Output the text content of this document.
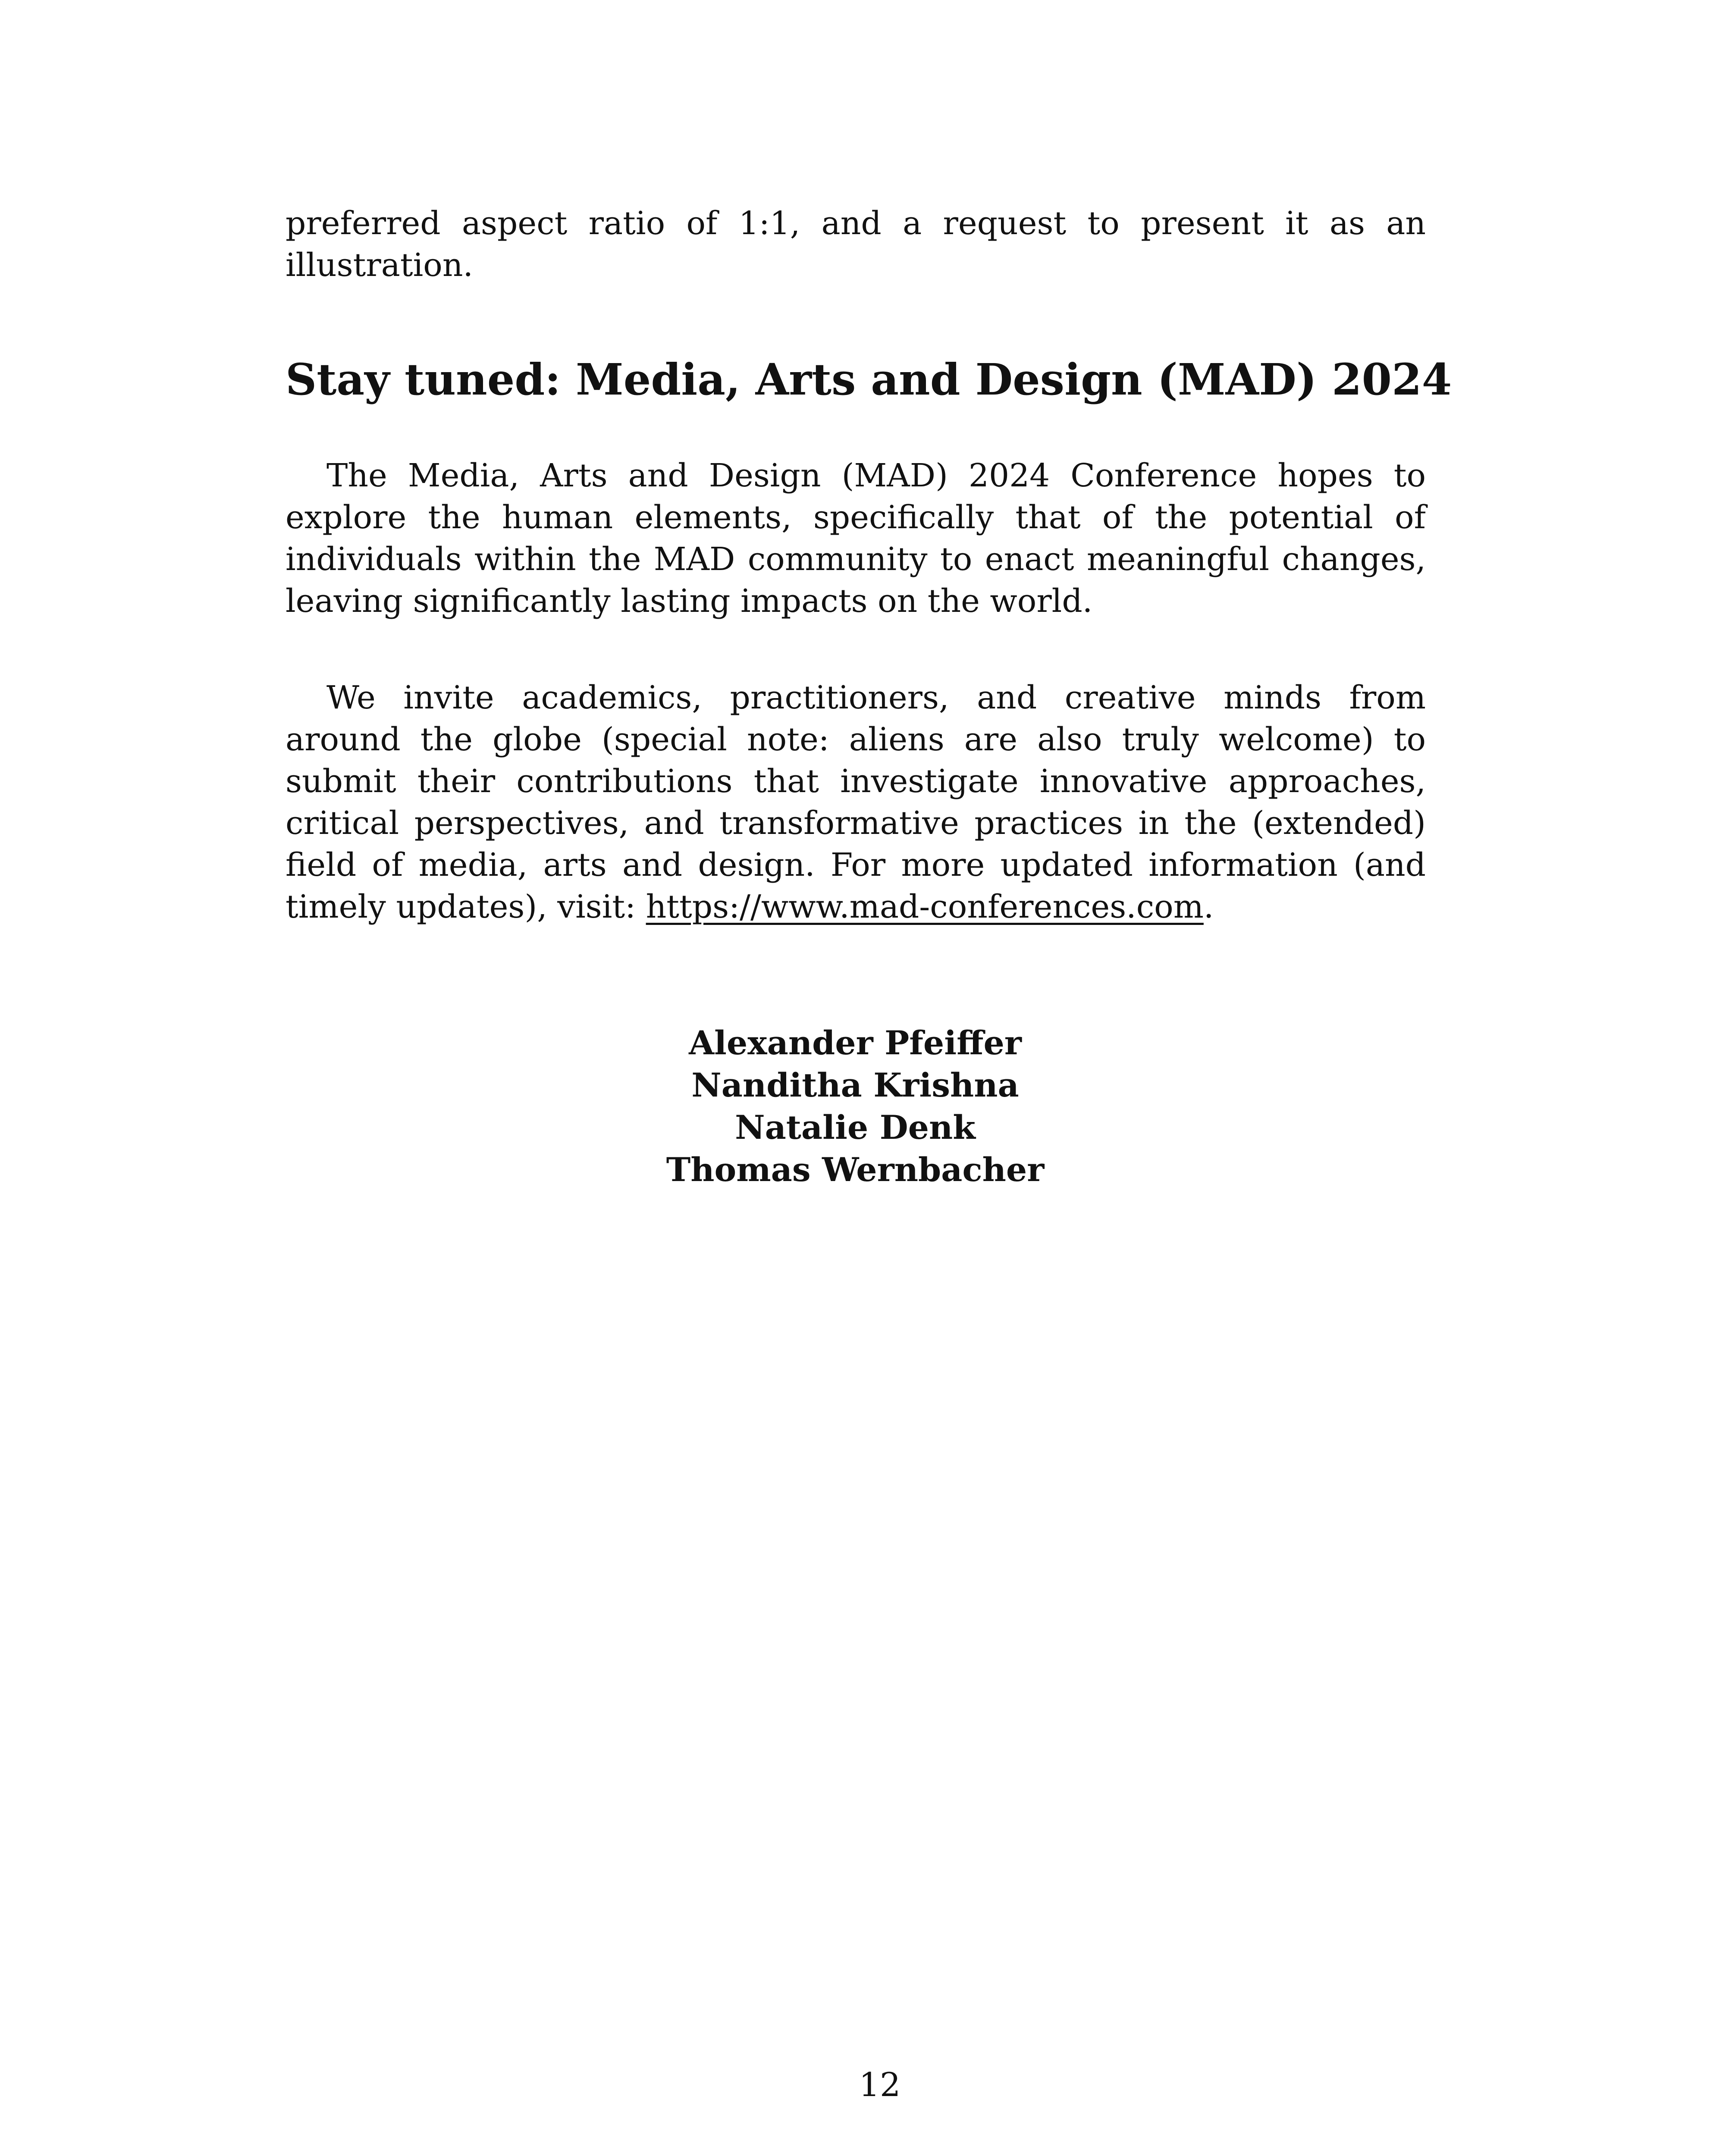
preferred aspect ratio of 1:1, and a request to present it as an illustration.

Stay tuned: Media, Arts and Design (MAD) 2024

The Media, Arts and Design (MAD) 2024 Conference hopes to explore the human elements, specifically that of the potential of individuals within the MAD community to enact meaningful changes, leaving significantly lasting impacts on the world.

We invite academics, practitioners, and creative minds from around the globe (special note: aliens are also truly welcome) to submit their contributions that investigate innovative approaches, critical perspectives, and transformative practices in the (extended) field of media, arts and design. For more updated information (and timely updates), visit: https://www.mad-conferences.com.

Alexander Pfeiffer
Nanditha Krishna
Natalie Denk
Thomas Wernbacher
12
